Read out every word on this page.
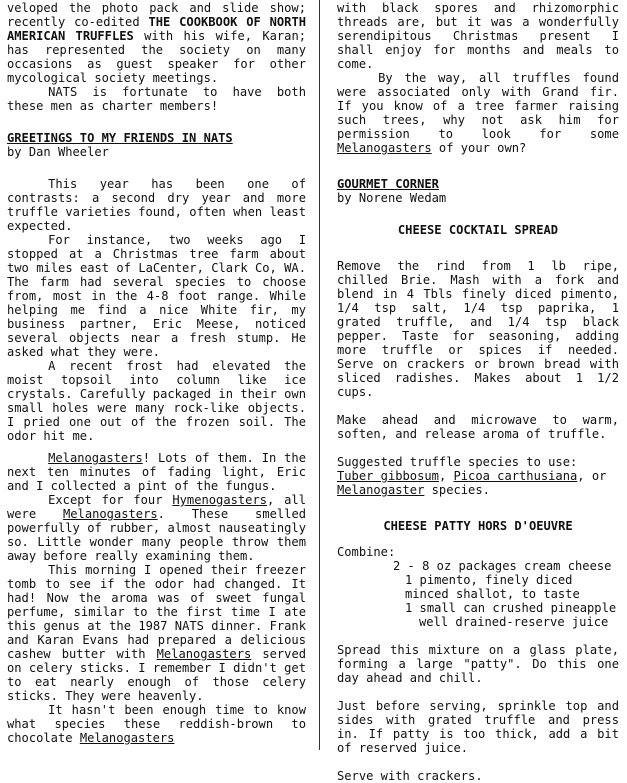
veloped the photo pack and slide show; recently co-edited THE COOKBOOK OF NORTH AMERICAN TRUFFLES with his wife, Karan; has represented the society on many occasions as guest speaker for other mycological society meetings.

NATS is fortunate to have both these men as charter members!

GREETINGS TO MY FRIENDS IN NATS

by Dan Wheeler

This year has been one of contrasts: a second dry year and more truffle varieties found, often when least expected.

For instance, two weeks ago I stopped at a Christmas tree farm about two miles east of LaCenter, Clark Co, WA. The farm had several species to choose from, most in the 4-8 foot range. While helping me find a nice White fir, my business partner, Eric Meese, noticed several objects near a fresh stump. He asked what they were.

A recent frost had elevated the moist topsoil into column like ice crystals. Carefully packaged in their own small holes were many rock-like objects. I pried one out of the frozen soil. The odor hit me.

Melanogasters! Lots of them. In the next ten minutes of fading light, Eric and I collected a pint of the fungus.

Except for four Hymenogasters, all were Melanogasters. These smelled powerfully of rubber, almost nauseatingly so. Little wonder many people throw them away before really examining them.

This morning I opened their freezer tomb to see if the odor had changed. It had! Now the aroma was of sweet fungal perfume, similar to the first time I ate this genus at the 1987 NATS dinner. Frank and Karan Evans had prepared a delicious cashew butter with Melanogasters served on celery sticks. I remember I didn't get to eat nearly enough of those celery sticks. They were heavenly.

It hasn't been enough time to know what species these reddish-brown to chocolate Melanogasters

with black spores and rhizomorphic threads are, but it was a wonderfully serendipitous Christmas present I shall enjoy for months and meals to come.

By the way, all truffles found were associated only with Grand fir. If you know of a tree farmer raising such trees, why not ask him for permission to look for some Melanogasters of your own?

GOURMET CORNER

by Norene Wedam

CHEESE COCKTAIL SPREAD

Remove the rind from 1 lb ripe, chilled Brie. Mash with a fork and blend in 4 Tbls finely diced pimento, 1/4 tsp salt, 1/4 tsp paprika, 1 grated truffle, and 1/4 tsp black pepper. Taste for seasoning, adding more truffle or spices if needed. Serve on crackers or brown bread with sliced radishes. Makes about 1 1/2 cups.

Make ahead and microwave to warm, soften, and release aroma of truffle.

Suggested truffle species to use: Tuber gibbosum, Picoa carthusiana, or Melanogaster species.

CHEESE PATTY HORS D'OEUVRE

Combine:

2 - 8 oz packages cream cheese
1 pimento, finely diced
minced shallot, to taste
1 small can crushed pineapple
well drained-reserve juice

Spread this mixture on a glass plate, forming a large "patty". Do this one day ahead and chill.

Just before serving, sprinkle top and sides with grated truffle and press in. If patty is too thick, add a bit of reserved juice.

Serve with crackers.
